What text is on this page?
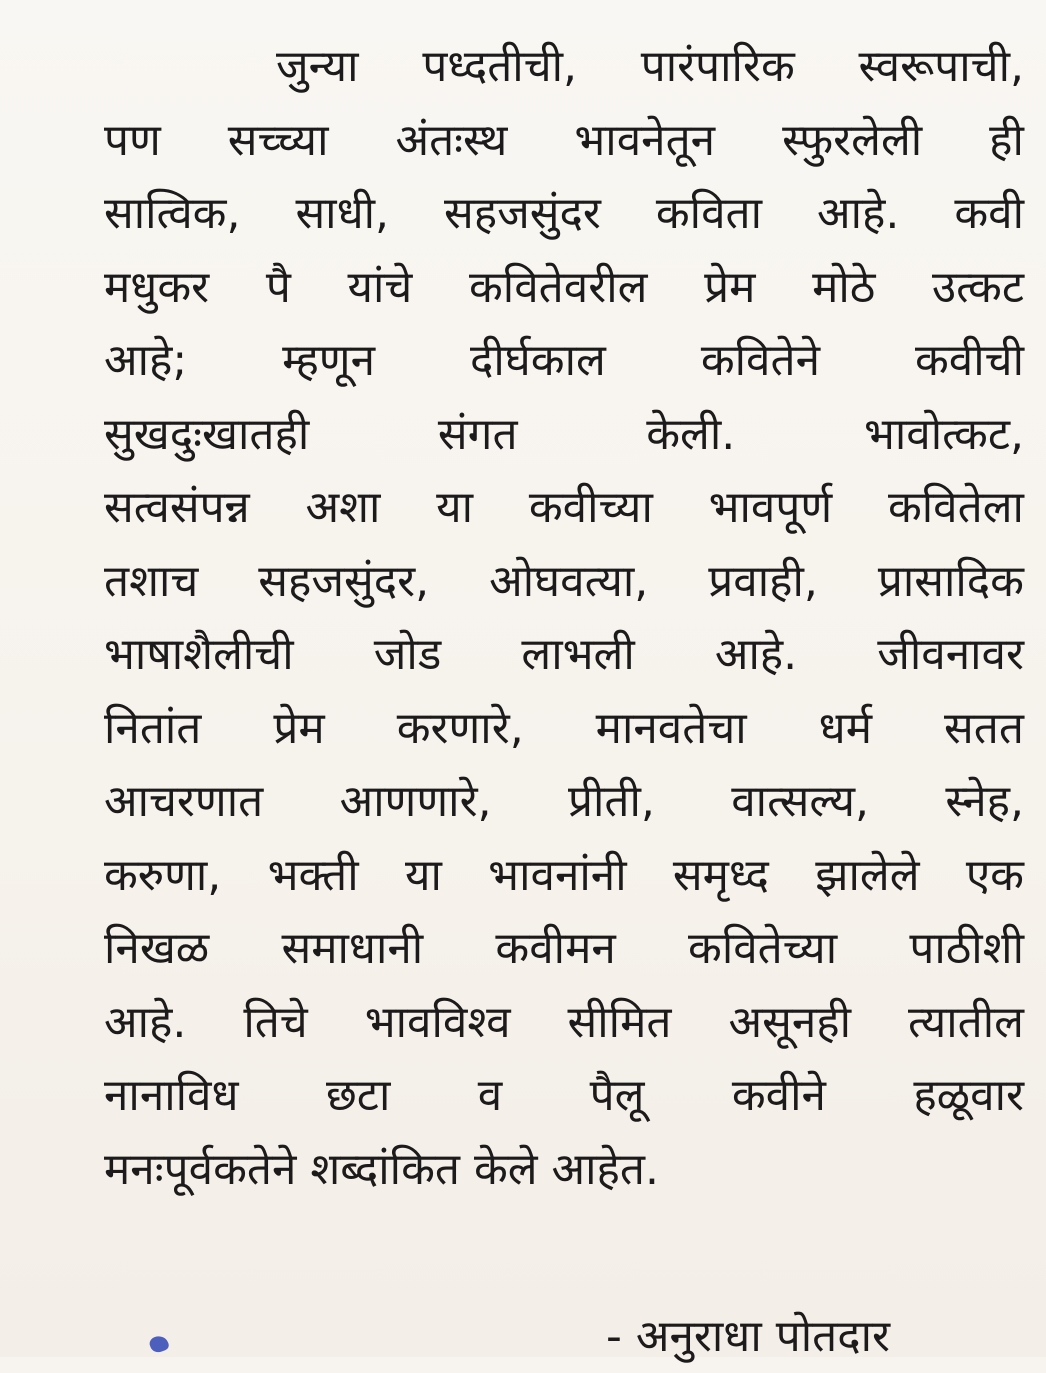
जुन्या पध्दतीची, पारंपारिक स्वरूपाची,
पण सच्च्या अंतःस्थ भावनेतून स्फुरलेली ही
सात्विक, साधी, सहजसुंदर कविता आहे. कवी
मधुकर पै यांचे कवितेवरील प्रेम मोठे उत्कट
आहे; म्हणून दीर्घकाल कवितेने कवीची
सुखदुःखातही	संगत	केली.	भावोत्कट,
सत्वसंपन्न अशा या कवीच्या भावपूर्ण कवितेला
तशाच सहजसुंदर, ओघवत्या, प्रवाही, प्रासादिक
भाषाशैलीची जोड लाभली आहे. जीवनावर
नितांत प्रेम करणारे, मानवतेचा धर्म सतत
आचरणात आणणारे, प्रीती, वात्सल्य, स्नेह,
करुणा, भक्ती या भावनांनी समृध्द झालेले एक
निखळ समाधानी कवीमन कवितेच्या पाठीशी
आहे. तिचे भावविश्व सीमित असूनही त्यातील
नानाविध छटा व पैलू कवीने हळूवार
मनःपूर्वकतेने शब्दांकित केले आहेत.
- अनुराधा पोतदार
